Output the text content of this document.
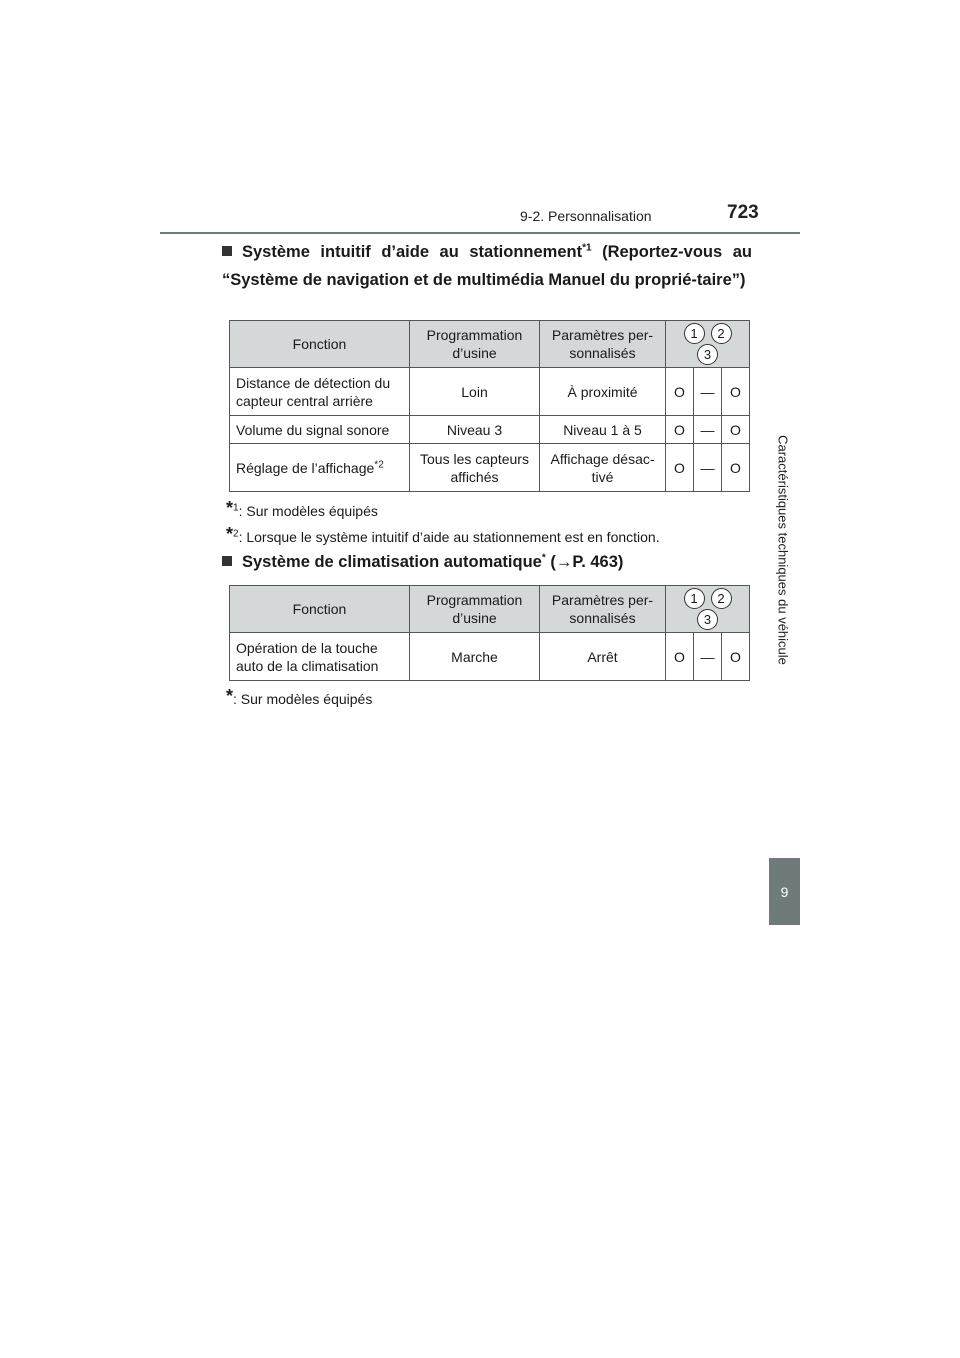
9-2. Personnalisation	723
Caractéristiques techniques du véhicule
9
Système intuitif d’aide au stationnement$^{*1}$ (Reportez-vous au “Système de navigation et de multimédia Manuel du proprié-taire”)
Fonction	Programmation d’usine	Paramètres per-sonnalisés	1 23		
Distance de détection du capteur central arrière	Loin	À proximité	O	—	O
Volume du signal sonore	Niveau 3	Niveau 1 à 5	O	—	O
Réglage de l’affichage$^{*2}$	Tous les capteurs affichés	Affichage désac-tivé	O	—	O
*$^1$: Sur modèles équipés
*$^2$: Lorsque le système intuitif d’aide au stationnement est en fonction.
Système de climatisation automatique* (→P. 463)
Fonction	Programmation d’usine	Paramètres per-sonnalisés	1 23		
Opération de la touche auto de la climatisation	Marche	Arrêt	O	—	O
*: Sur modèles équipés
